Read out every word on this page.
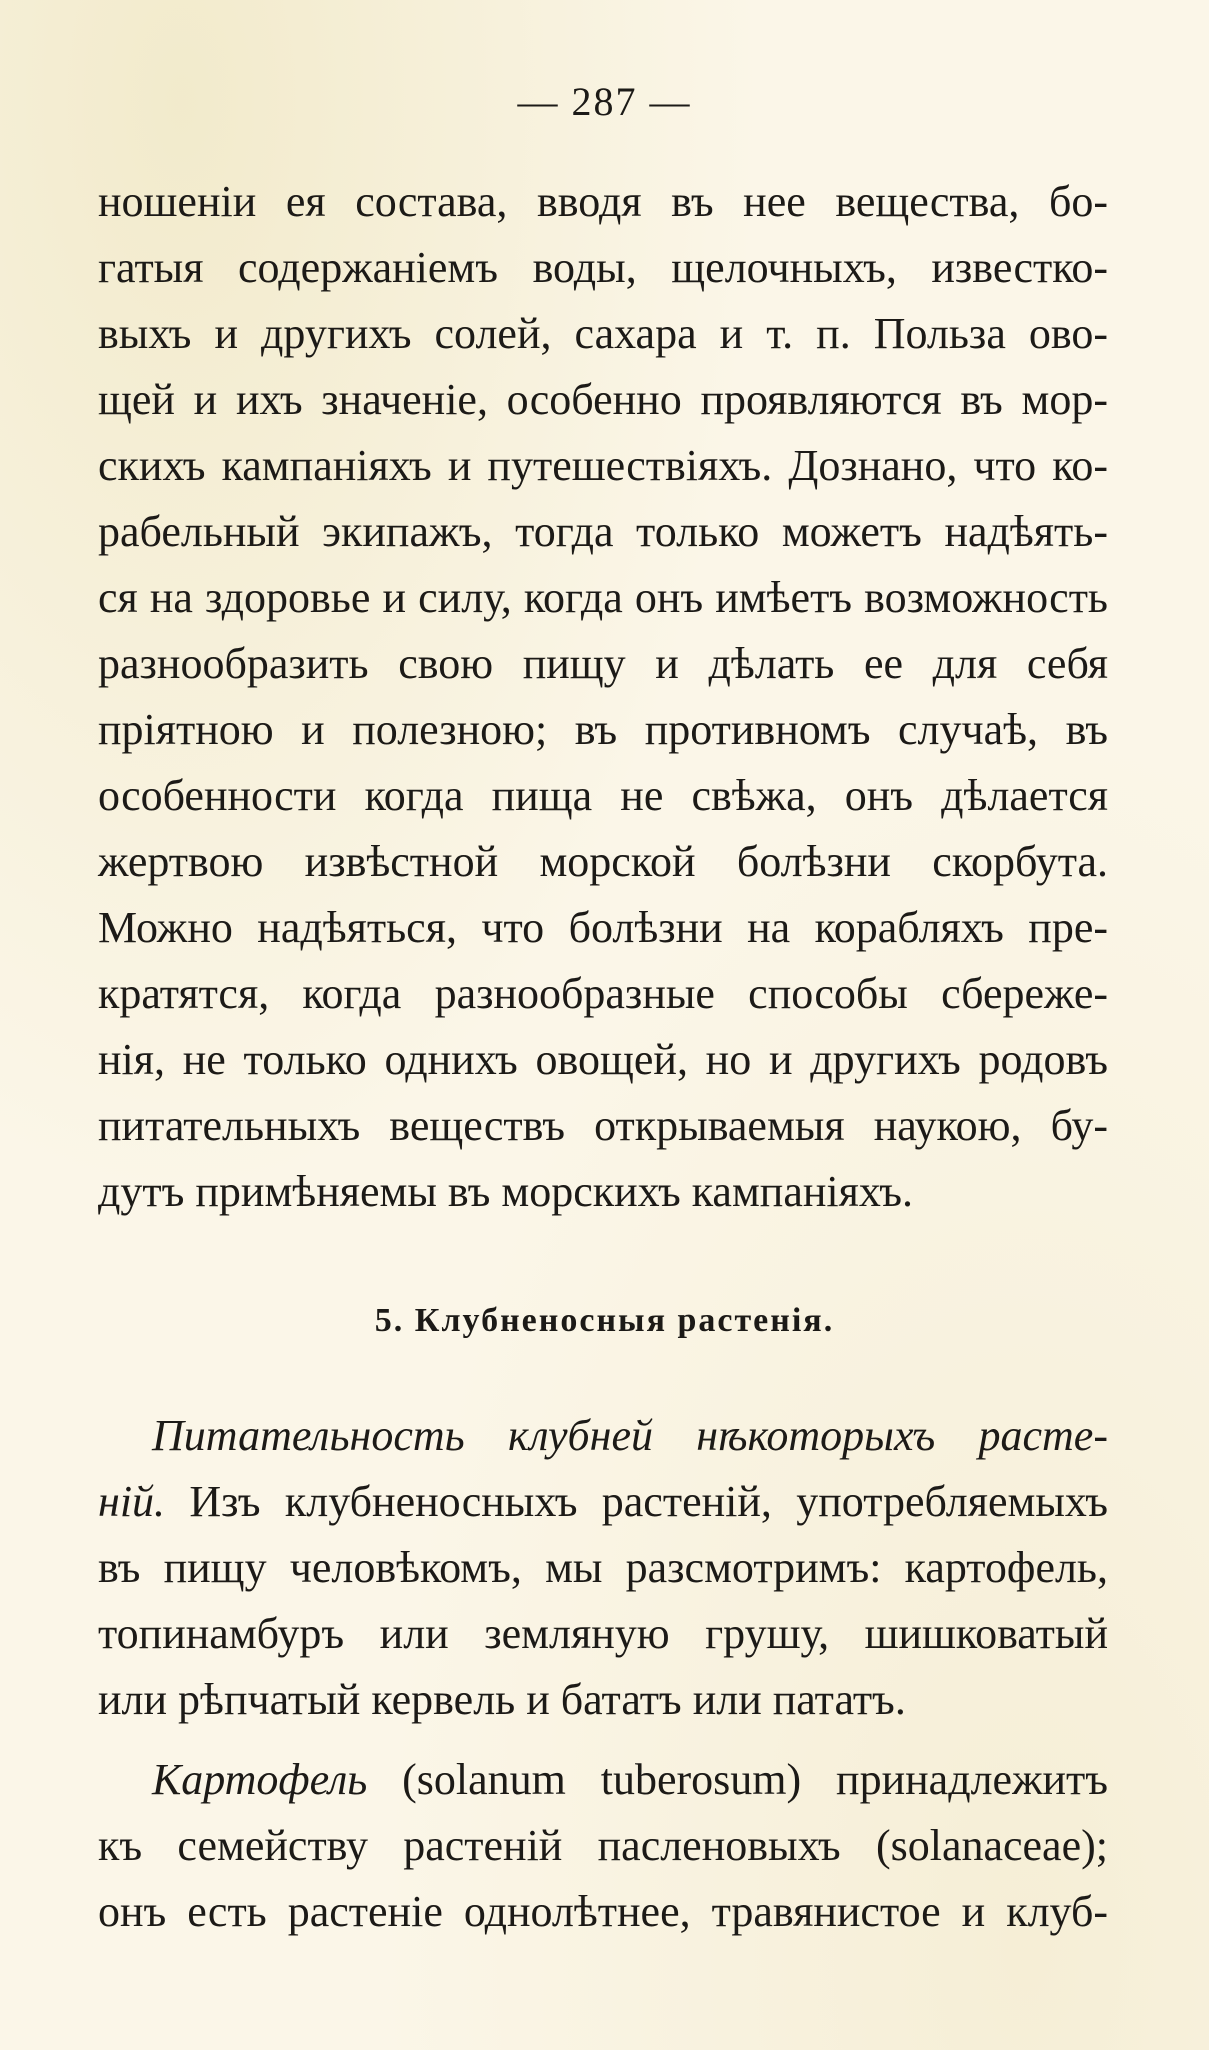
— 287 —
ношеніи ея состава, вводя въ нее вещества, бо-
гатыя содержаніемъ воды, щелочныхъ, известко-
выхъ и другихъ солей, сахара и т. п. Польза ово-
щей и ихъ значеніе, особенно проявляются въ мор-
скихъ кампаніяхъ и путешествіяхъ. Дознано, что ко-
рабельный экипажъ, тогда только можетъ надѣять-
ся на здоровье и силу, когда онъ имѣетъ возможность
разнообразить свою пищу и дѣлать ее для себя
пріятною и полезною; въ противномъ случаѣ, въ
особенности когда пища не свѣжа, онъ дѣлается
жертвою извѣстной морской болѣзни скорбута.
Можно надѣяться, что болѣзни на корабляхъ пре-
кратятся, когда разнообразные способы сбереже-
нія, не только однихъ овощей, но и другихъ родовъ
питательныхъ веществъ открываемыя наукою, бу-
дутъ примѣняемы въ морскихъ кампаніяхъ.
5. Клубненосныя растенія.
Питательность клубней нѣкоторыхъ расте-
ній. Изъ клубненосныхъ растеній, употребляемыхъ
въ пищу человѣкомъ, мы разсмотримъ: картофель,
топинамбуръ или земляную грушу, шишковатый
или рѣпчатый кервель и бататъ или пататъ.
Картофель (solanum tuberosum) принадлежитъ
къ семейству растеній пасленовыхъ (solanaceae);
онъ есть растеніе однолѣтнее, травянистое и клуб-
